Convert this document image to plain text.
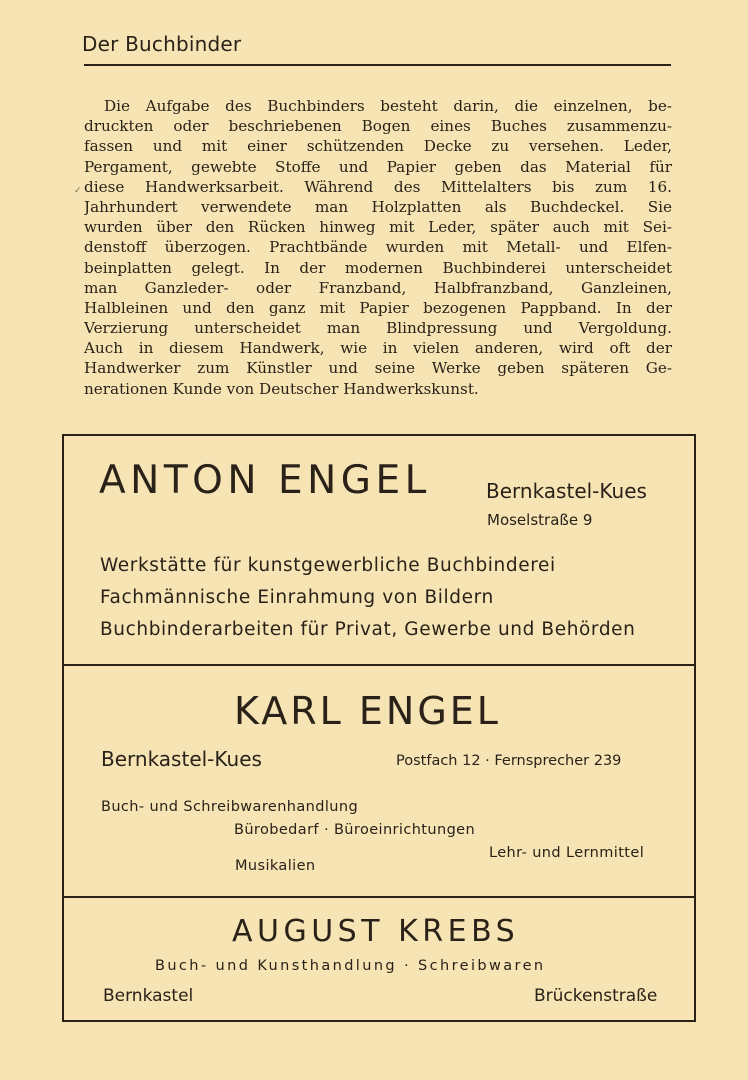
Der Buchbinder
✓
Die Aufgabe des Buchbinders besteht darin, die einzelnen, be-
druckten oder beschriebenen Bogen eines Buches zusammenzu-
fassen und mit einer schützenden Decke zu versehen. Leder,
Pergament, gewebte Stoffe und Papier geben das Material für
diese Handwerksarbeit. Während des Mittelalters bis zum 16.
Jahrhundert verwendete man Holzplatten als Buchdeckel. Sie
wurden über den Rücken hinweg mit Leder, später auch mit Sei-
denstoff überzogen. Prachtbände wurden mit Metall- und Elfen-
beinplatten gelegt. In der modernen Buchbinderei unterscheidet
man Ganzleder- oder Franzband, Halbfranzband, Ganzleinen,
Halbleinen und den ganz mit Papier bezogenen Pappband. In der
Verzierung unterscheidet man Blindpressung und Vergoldung.
Auch in diesem Handwerk, wie in vielen anderen, wird oft der
Handwerker zum Künstler und seine Werke geben späteren Ge-
nerationen Kunde von Deutscher Handwerkskunst.
ANTON ENGEL	Bernkastel-Kues
Moselstraße 9
Werkstätte für kunstgewerbliche Buchbinderei
Fachmännische Einrahmung von Bildern
Buchbinderarbeiten für Privat, Gewerbe und Behörden
KARL ENGEL
Bernkastel-Kues	Postfach 12 · Fernsprecher 239
Buch- und Schreibwarenhandlung
Bürobedarf · Büroeinrichtungen
Lehr- und Lernmittel
Musikalien
AUGUST KREBS
Buch- und Kunsthandlung · Schreibwaren
Bernkastel	Brückenstraße
